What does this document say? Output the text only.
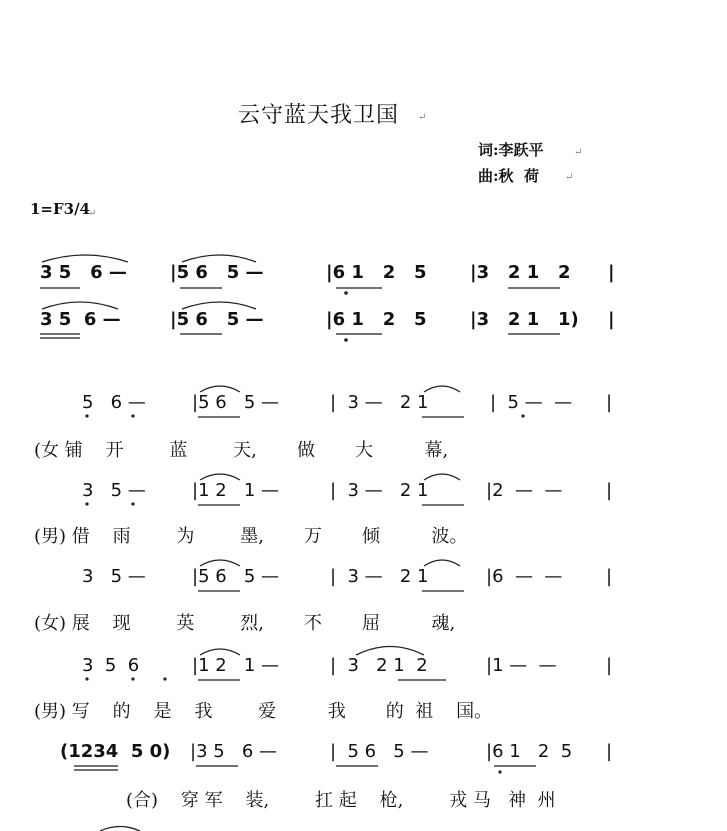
云守蓝天我卫国
词:李跃平
曲:秋  荷
↵
↵
↵
1=F3/4
↵
3 5   6 — |5 6   5 —	|6 1   2   5 |3   2 1   2 |
3 5  6 —	|5 6   5 —	|6 1   2   5 |3   2 1   1) |
5   6 —	|5 6   5 —	|  3 —   2 1	|  5 —  — |
(女 铺    开        蓝        天,       做       大         幕,
3   5 —	|1 2   1 —	|  3 —   2 1	|2  —  — |
(男) 借    雨        为        墨,       万       倾         波。
3   5 —	|5 6   5 —	|  3 —   2 1	|6  —  — |
(女) 展    现        英        烈,       不       屈         魂,
3  5  6	|1 2   1 —	|  3   2 1  2	|1 —  —	|
(男) 写    的    是    我        爱         我       的  祖    国。
(1234  5 0) |3 5   6 —	|  5 6   5 —	|6 1   2  5 |
(合)    穿 军    装,        扛 起    枪,        戎 马   神  州
